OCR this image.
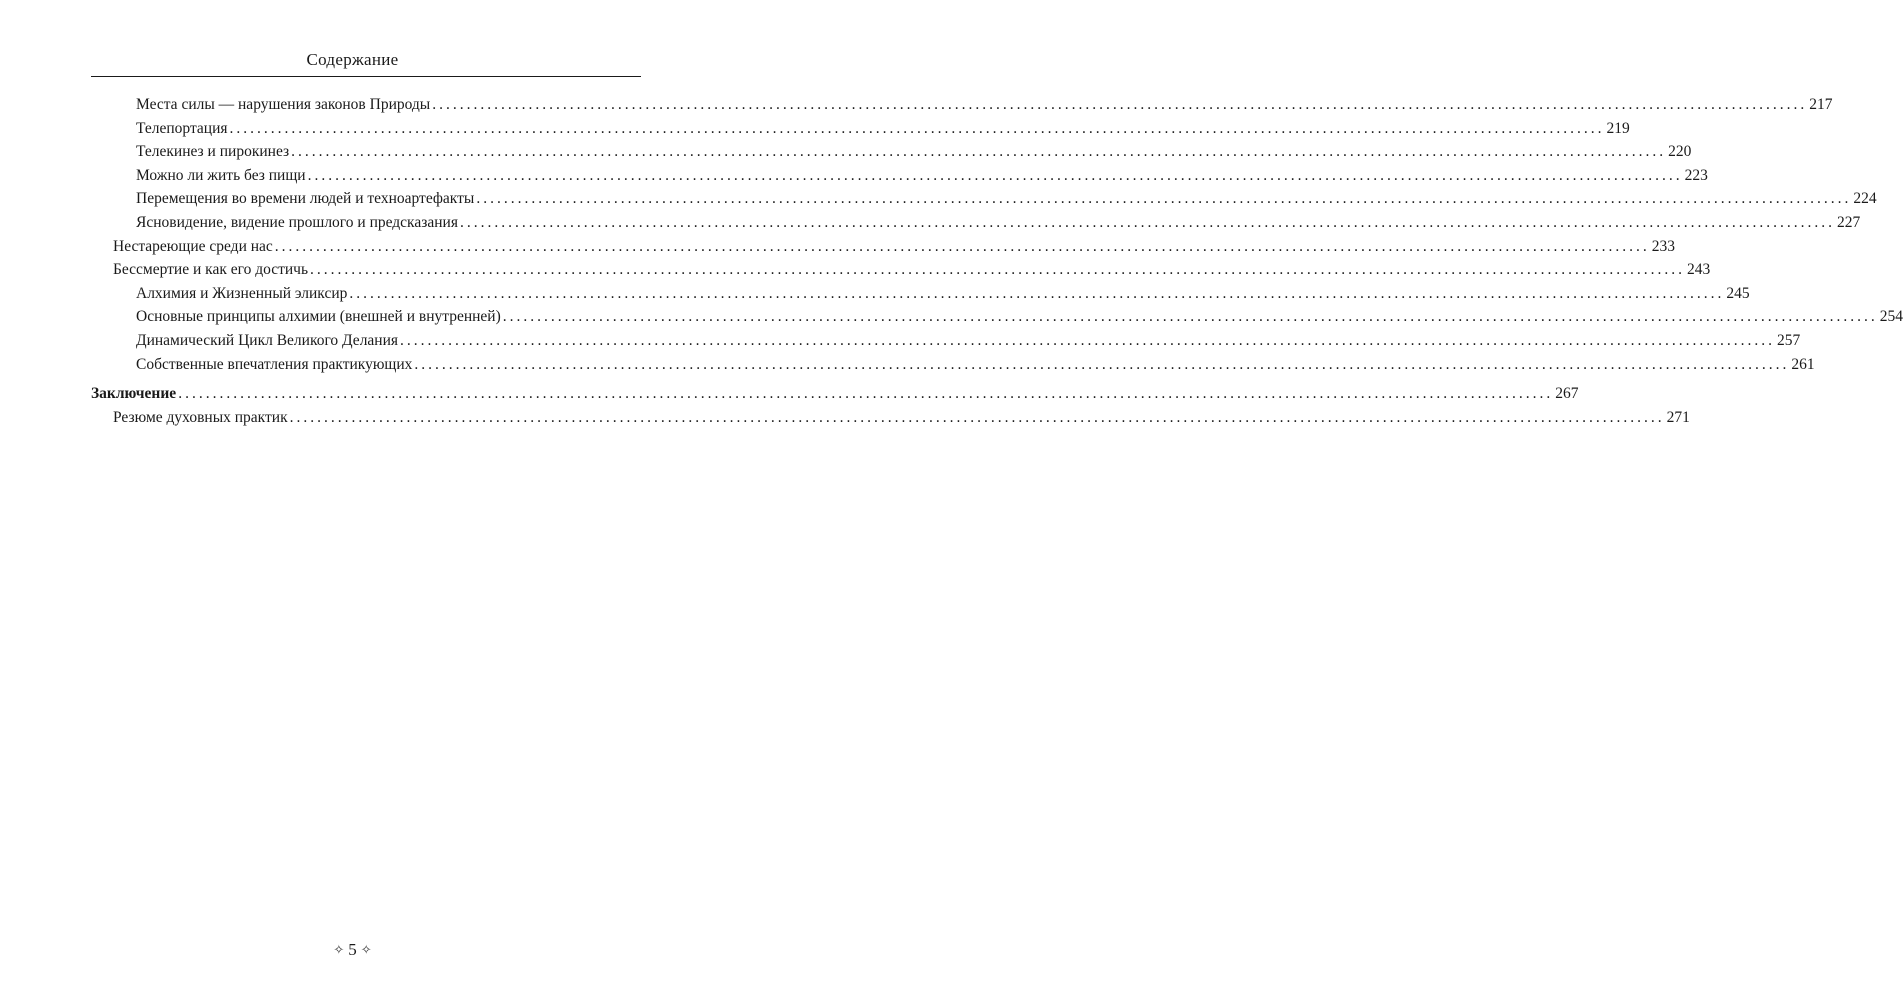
Содержание
Места силы — нарушения законов Природы ........................................................................................................................................................................................................ 217
Телепортация ........................................................................................................................................................................................................ 219
Телекинез и пирокинез ........................................................................................................................................................................................................ 220
Можно ли жить без пищи ........................................................................................................................................................................................................ 223
Перемещения во времени людей и техноартефакты ........................................................................................................................................................................................................ 224
Ясновидение, видение прошлого и предсказания ........................................................................................................................................................................................................ 227
Нестареющие среди нас ........................................................................................................................................................................................................ 233
Бессмертие и как его достичь ........................................................................................................................................................................................................ 243
Алхимия и Жизненный эликсир ........................................................................................................................................................................................................ 245
Основные принципы алхимии (внешней и внутренней) ........................................................................................................................................................................................................ 254
Динамический Цикл Великого Делания ........................................................................................................................................................................................................ 257
Собственные впечатления практикующих ........................................................................................................................................................................................................ 261
Заключение ........................................................................................................................................................................................................ 267
Резюме духовных практик ........................................................................................................................................................................................................ 271
✧ 5 ✧
